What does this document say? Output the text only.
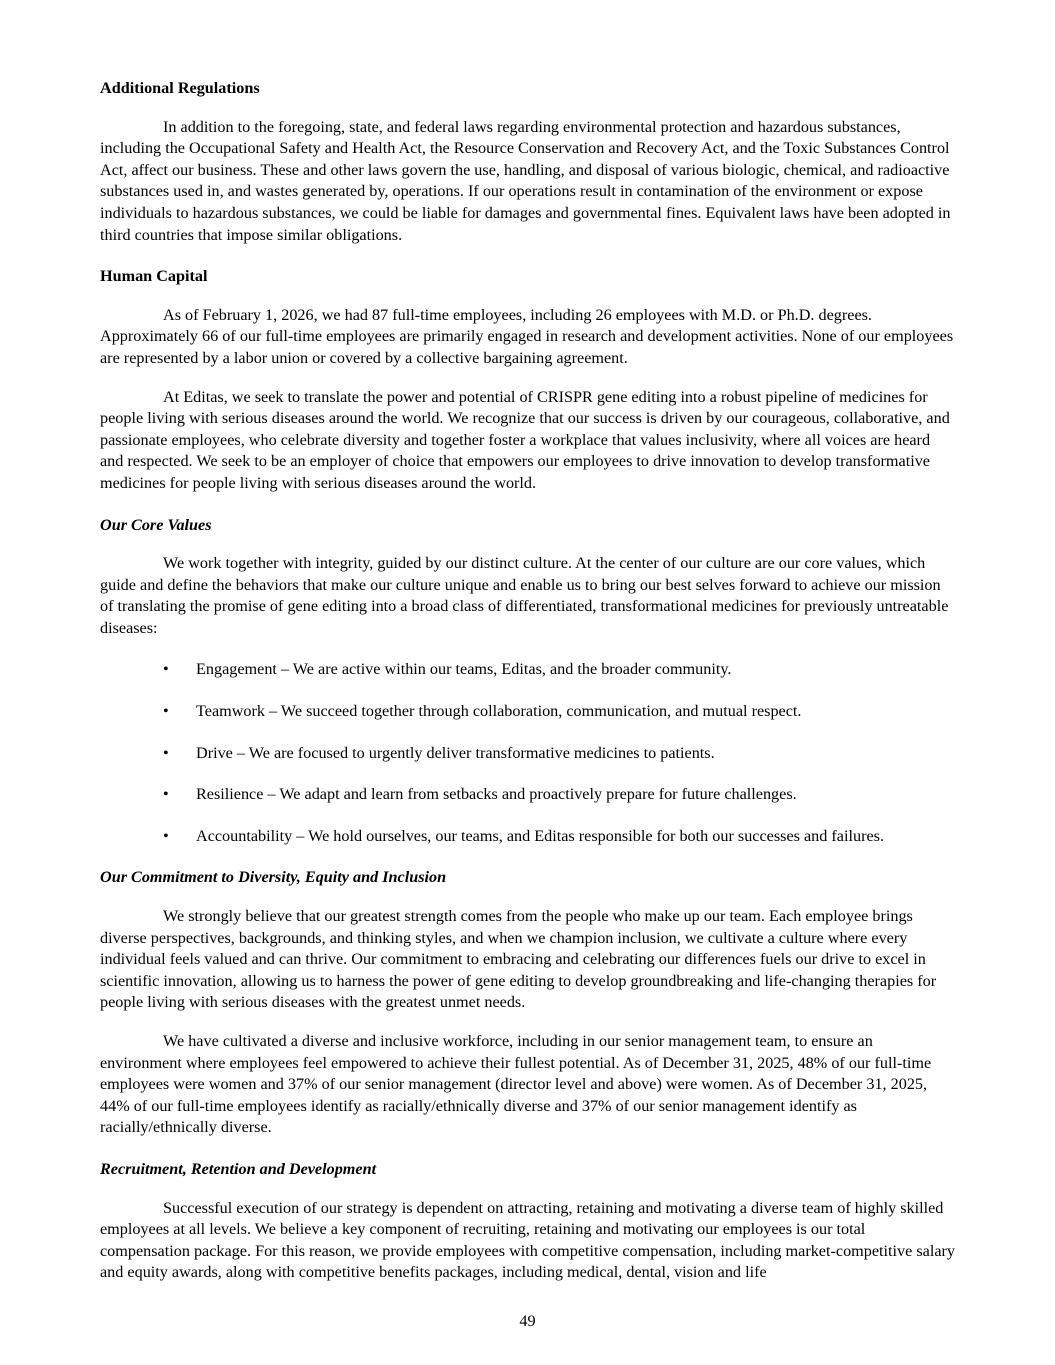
Additional Regulations

In addition to the foregoing, state, and federal laws regarding environmental protection and hazardous substances, including the Occupational Safety and Health Act, the Resource Conservation and Recovery Act, and the Toxic Substances Control Act, affect our business. These and other laws govern the use, handling, and disposal of various biologic, chemical, and radioactive substances used in, and wastes generated by, operations. If our operations result in contamination of the environment or expose individuals to hazardous substances, we could be liable for damages and governmental fines. Equivalent laws have been adopted in third countries that impose similar obligations.

Human Capital

As of February 1, 2026, we had 87 full-time employees, including 26 employees with M.D. or Ph.D. degrees. Approximately 66 of our full-time employees are primarily engaged in research and development activities. None of our employees are represented by a labor union or covered by a collective bargaining agreement.

At Editas, we seek to translate the power and potential of CRISPR gene editing into a robust pipeline of medicines for people living with serious diseases around the world. We recognize that our success is driven by our courageous, collaborative, and passionate employees, who celebrate diversity and together foster a workplace that values inclusivity, where all voices are heard and respected. We seek to be an employer of choice that empowers our employees to drive innovation to develop transformative medicines for people living with serious diseases around the world.

Our Core Values

We work together with integrity, guided by our distinct culture. At the center of our culture are our core values, which guide and define the behaviors that make our culture unique and enable us to bring our best selves forward to achieve our mission of translating the promise of gene editing into a broad class of differentiated, transformational medicines for previously untreatable diseases:

•	Engagement – We are active within our teams, Editas, and the broader community.
•	Teamwork – We succeed together through collaboration, communication, and mutual respect.
•	Drive – We are focused to urgently deliver transformative medicines to patients.
•	Resilience – We adapt and learn from setbacks and proactively prepare for future challenges.
•	Accountability – We hold ourselves, our teams, and Editas responsible for both our successes and failures.
Our Commitment to Diversity, Equity and Inclusion

We strongly believe that our greatest strength comes from the people who make up our team. Each employee brings diverse perspectives, backgrounds, and thinking styles, and when we champion inclusion, we cultivate a culture where every individual feels valued and can thrive. Our commitment to embracing and celebrating our differences fuels our drive to excel in scientific innovation, allowing us to harness the power of gene editing to develop groundbreaking and life-changing therapies for people living with serious diseases with the greatest unmet needs.

We have cultivated a diverse and inclusive workforce, including in our senior management team, to ensure an environment where employees feel empowered to achieve their fullest potential. As of December 31, 2025, 48% of our full-time employees were women and 37% of our senior management (director level and above) were women. As of December 31, 2025, 44% of our full-time employees identify as racially/ethnically diverse and 37% of our senior management identify as racially/ethnically diverse.

Recruitment, Retention and Development

Successful execution of our strategy is dependent on attracting, retaining and motivating a diverse team of highly skilled employees at all levels. We believe a key component of recruiting, retaining and motivating our employees is our total compensation package. For this reason, we provide employees with competitive compensation, including market-competitive salary and equity awards, along with competitive benefits packages, including medical, dental, vision and life

49
